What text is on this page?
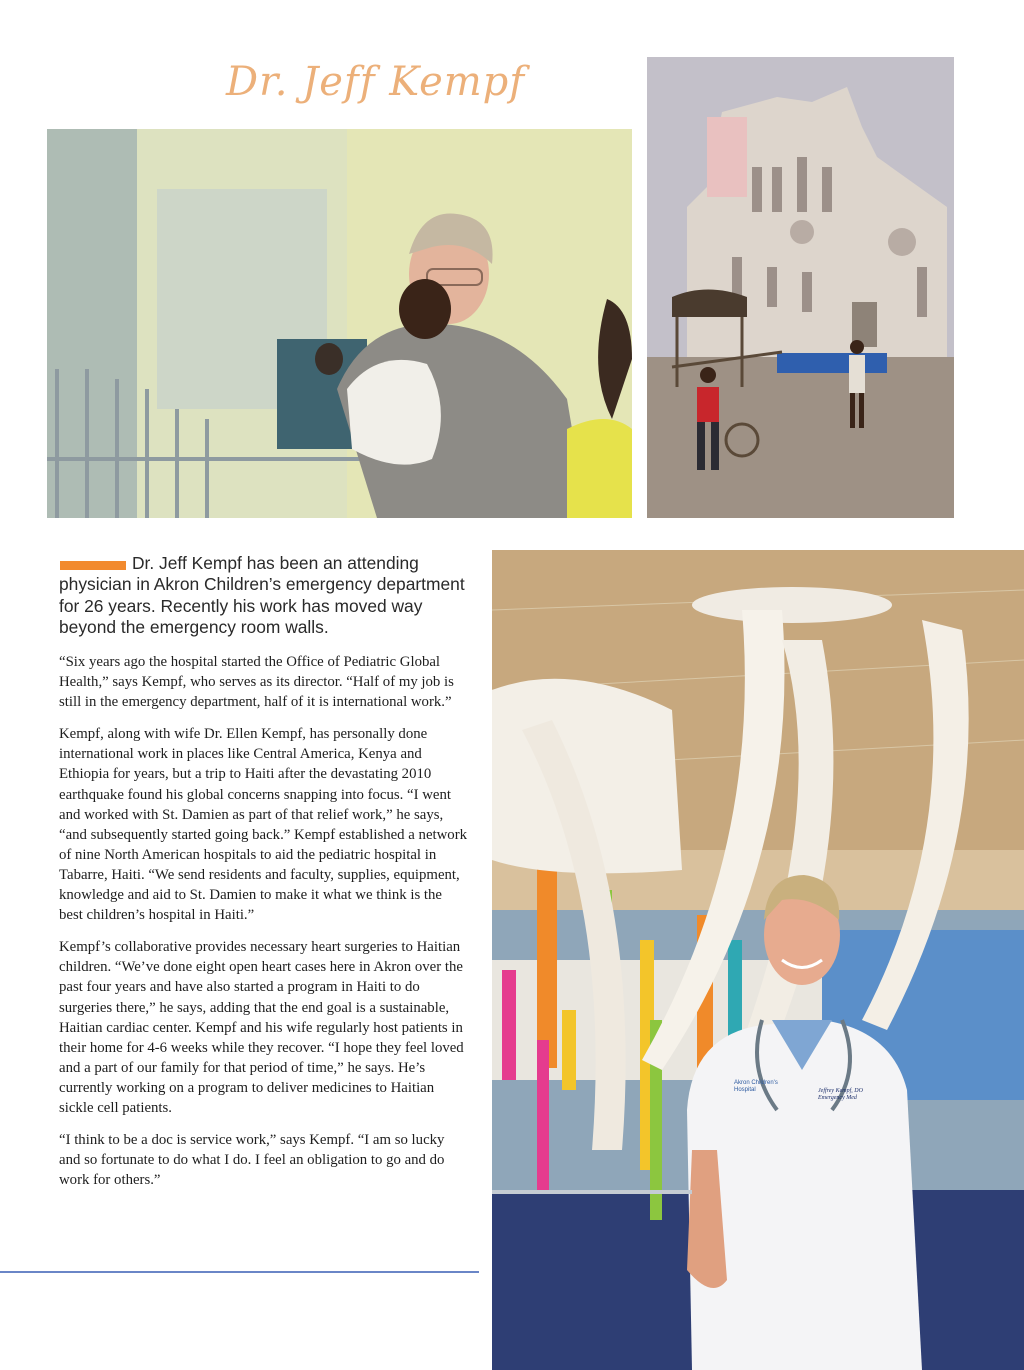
Dr. Jeff Kempf
Akron Children's Hospital	Jeffrey Kempf, DO
Emergency Med

Dr. Jeff Kempf has been an attending physician in Akron Children’s emergency department for 26 years. Recently his work has moved way beyond the emergency room walls.

“Six years ago the hospital started the Office of Pediatric Global Health,” says Kempf, who serves as its director. “Half of my job is still in the emergency department, half of it is international work.”

Kempf, along with wife Dr. Ellen Kempf, has personally done international work in places like Central America, Kenya and Ethiopia for years, but a trip to Haiti after the devastating 2010 earthquake found his global concerns snapping into focus. “I went and worked with St. Damien as part of that relief work,” he says, “and subsequently started going back.” Kempf established a network of nine North American hospitals to aid the pediatric hospital in Tabarre, Haiti. “We send residents and faculty, supplies, equipment, knowledge and aid to St. Damien to make it what we think is the best children’s hospital in Haiti.”

Kempf’s collaborative provides necessary heart surgeries to Haitian children. “We’ve done eight open heart cases here in Akron over the past four years and have also started a program in Haiti to do surgeries there,” he says, adding that the end goal is a sustainable, Haitian cardiac center. Kempf and his wife regularly host patients in their home for 4-6 weeks while they recover. “I hope they feel loved and a part of our family for that period of time,” he says. He’s currently working on a program to deliver medicines to Haitian sickle cell patients.

“I think to be a doc is service work,” says Kempf. “I am so lucky and so fortunate to do what I do. I feel an obligation to go and do work for others.”
